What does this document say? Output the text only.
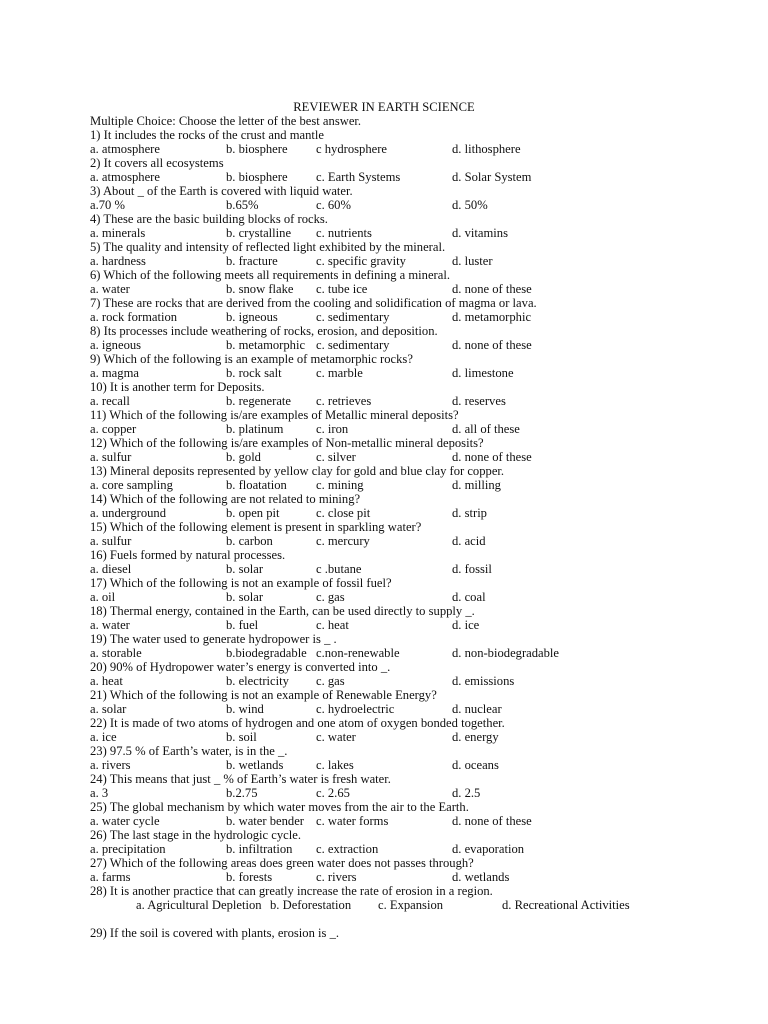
REVIEWER IN EARTH SCIENCE
Multiple Choice: Choose the letter of the best answer.
1) It includes the rocks of the crust and mantle
a. atmosphere	b. biosphere c hydrosphere	d. lithosphere
2) It covers all ecosystems
a. atmosphere	b. biosphere c. Earth Systems	d. Solar System
3) About _ of the Earth is covered with liquid water.
a.70 %	b.65%	c. 60%	d. 50%
4) These are the basic building blocks of rocks.
a. minerals	b. crystalline c. nutrients	d. vitamins
5) The quality and intensity of reflected light exhibited by the mineral.
a. hardness	b. fracture	c. specific gravity	d. luster
6) Which of the following meets all requirements in defining a mineral.
a. water	b. snow flake c. tube ice	d. none of these
7) These are rocks that are derived from the cooling and solidification of magma or lava.
a. rock formation	b. igneous	c. sedimentary	d. metamorphic
8) Its processes include weathering of rocks, erosion, and deposition.
a. igneous	b. metamorphic c. sedimentary	d. none of these
9) Which of the following is an example of metamorphic rocks?
a. magma	b. rock salt	c. marble	d. limestone
10) It is another term for Deposits.
a. recall	b. regenerate c. retrieves	d. reserves
11) Which of the following is/are examples of Metallic mineral deposits?
a. copper	b. platinum	c. iron	d. all of these
12) Which of the following is/are examples of Non-metallic mineral deposits?
a. sulfur	b. gold	c. silver	d. none of these
13) Mineral deposits represented by yellow clay for gold and blue clay for copper.
a. core sampling	b. floatation c. mining	d. milling
14) Which of the following are not related to mining?
a. underground	b. open pit	c. close pit	d. strip
15) Which of the following element is present in sparkling water?
a. sulfur	b. carbon	c. mercury	d. acid
16) Fuels formed by natural processes.
a. diesel	b. solar	c .butane	d. fossil
17) Which of the following is not an example of fossil fuel?
a. oil	b. solar	c. gas	d. coal
18) Thermal energy, contained in the Earth, can be used directly to supply _.
a. water	b. fuel	c. heat	d. ice
19) The water used to generate hydropower is _ .
a. storable	b.biodegradable c.non-renewable	d. non-biodegradable
20) 90% of Hydropower water’s energy is converted into _.
a. heat	b. electricity c. gas	d. emissions
21) Which of the following is not an example of Renewable Energy?
a. solar	b. wind	c. hydroelectric	d. nuclear
22) It is made of two atoms of hydrogen and one atom of oxygen bonded together.
a. ice	b. soil	c. water	d. energy
23) 97.5 % of Earth’s water, is in the _.
a. rivers	b. wetlands	c. lakes	d. oceans
24) This means that just _ % of Earth’s water is fresh water.
a. 3	b.2.75	c. 2.65	d. 2.5
25) The global mechanism by which water moves from the air to the Earth.
a. water cycle	b. water bender c. water forms	d. none of these
26) The last stage in the hydrologic cycle.
a. precipitation	b. infiltration c. extraction	d. evaporation
27) Which of the following areas does green water does not passes through?
a. farms	b. forests	c. rivers	d. wetlands
28) It is another practice that can greatly increase the rate of erosion in a region.
a. Agricultural Depletion b. Deforestation c. Expansion	d. Recreational Activities
29) If the soil is covered with plants, erosion is _.
